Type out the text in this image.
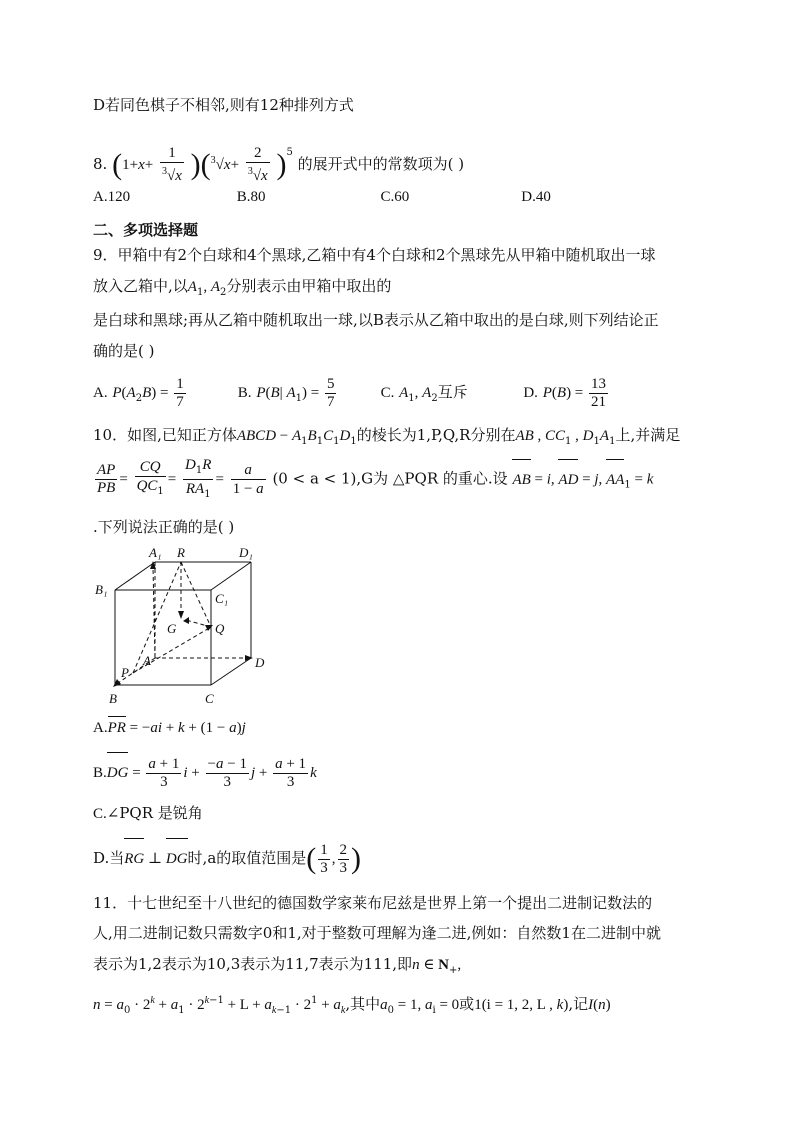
D若同色棋子不相邻,则有12种排列方式
8. $(1+x+ \frac{1}{^3√x} )(^3√x+ \frac{2}{^3√x} )^5$ 的展开式中的常数项为( )
A.120	B.80	C.60	D.40
二、多项选择题
9．甲箱中有2个白球和4个黑球,乙箱中有4个白球和2个黑球先从甲箱中随机取出一球
放入乙箱中,以$A_1$, $A_2$分别表示由甲箱中取出的
是白球和黑球;再从乙箱中随机取出一球,以B表示从乙箱中取出的是白球,则下列结论正
确的是( )
A. $P(A_2B) = \frac{1}{7}$	B. P(B| $A_1) = \frac{5}{7}$	C. $A_1$, $A_2$互斥	D. $P(B) = \frac{13}{21}$
10．如图,已知正方体ABCD − $A_1B_1C_1D_1$的棱长为1,P,Q,R分别在AB , $CC_1$ , $D_1A_1$上,并满足
$\frac{AP}{PB} = \frac{CQ}{QC_1} = \frac{D_1R}{RA_1} = \frac{a}{1 - a} (0 < a < 1),G$为 △PQR 的重心.设 AB = i, AD = j, $AA_1 = k$
.下列说法正确的是( )
A₁ R	D₁
B₁
C₁
G	Q
A	D
P
B	C
A.PR = −ai + k + (1 − a)j
$B.DG = \frac{a + 1}{3}$ $i + \frac{-a - 1}{3}$ $j + \frac{a + 1}{3}$ k
C.∠PQR 是锐角
D.当RG ⊥ DG时,a的取值范围是( $\frac{1}{3}$ , $\frac{2}{3}$ )
11．十七世纪至十八世纪的德国数学家莱布尼兹是世界上第一个提出二进制记数法的
人,用二进制记数只需数字0和1,对于整数可理解为逢二进,例如：自然数1在二进制中就
表示为1,2表示为10,3表示为11,7表示为111,即n ∈ $N_+$,
$n = a_0 \cdot 2^k + a_1 \cdot 2^{k-1} + L + a_{k-1} \cdot 2^1 + a_k$,其中$a_0 = 1$, $a_i = 0$或1(i = 1, 2, L , k),记I(n)
